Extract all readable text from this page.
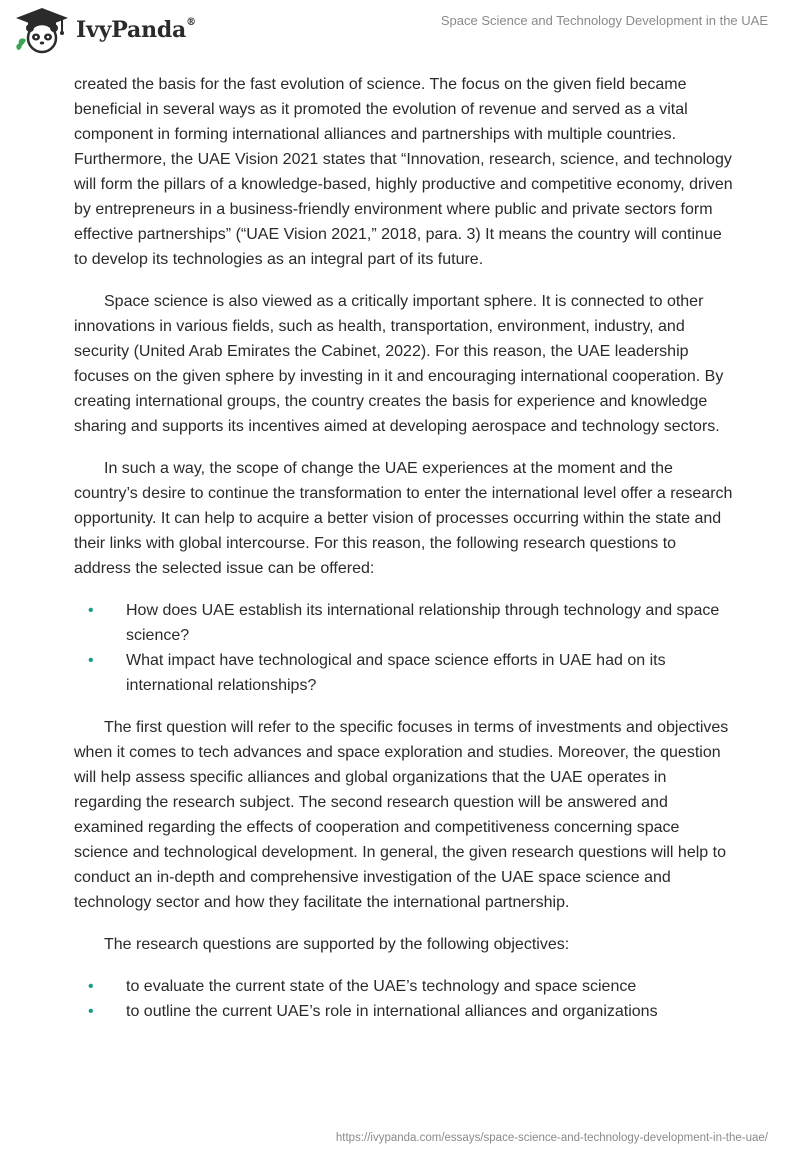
IvyPanda®	Space Science and Technology Development in the UAE

created the basis for the fast evolution of science. The focus on the given field became beneficial in several ways as it promoted the evolution of revenue and served as a vital component in forming international alliances and partnerships with multiple countries. Furthermore, the UAE Vision 2021 states that “Innovation, research, science, and technology will form the pillars of a knowledge-based, highly productive and competitive economy, driven by entrepreneurs in a business-friendly environment where public and private sectors form effective partnerships” (“UAE Vision 2021,” 2018, para. 3) It means the country will continue to develop its technologies as an integral part of its future.

Space science is also viewed as a critically important sphere. It is connected to other innovations in various fields, such as health, transportation, environment, industry, and security (United Arab Emirates the Cabinet, 2022). For this reason, the UAE leadership focuses on the given sphere by investing in it and encouraging international cooperation. By creating international groups, the country creates the basis for experience and knowledge sharing and supports its incentives aimed at developing aerospace and technology sectors.

In such a way, the scope of change the UAE experiences at the moment and the country’s desire to continue the transformation to enter the international level offer a research opportunity. It can help to acquire a better vision of processes occurring within the state and their links with global intercourse. For this reason, the following research questions to address the selected issue can be offered:

• How does UAE establish its international relationship through technology and space science?
• What impact have technological and space science efforts in UAE had on its international relationships?

The first question will refer to the specific focuses in terms of investments and objectives when it comes to tech advances and space exploration and studies. Moreover, the question will help assess specific alliances and global organizations that the UAE operates in regarding the research subject. The second research question will be answered and examined regarding the effects of cooperation and competitiveness concerning space science and technological development. In general, the given research questions will help to conduct an in-depth and comprehensive investigation of the UAE space science and technology sector and how they facilitate the international partnership.

The research questions are supported by the following objectives:

• to evaluate the current state of the UAE’s technology and space science
• to outline the current UAE’s role in international alliances and organizations
https://ivypanda.com/essays/space-science-and-technology-development-in-the-uae/
